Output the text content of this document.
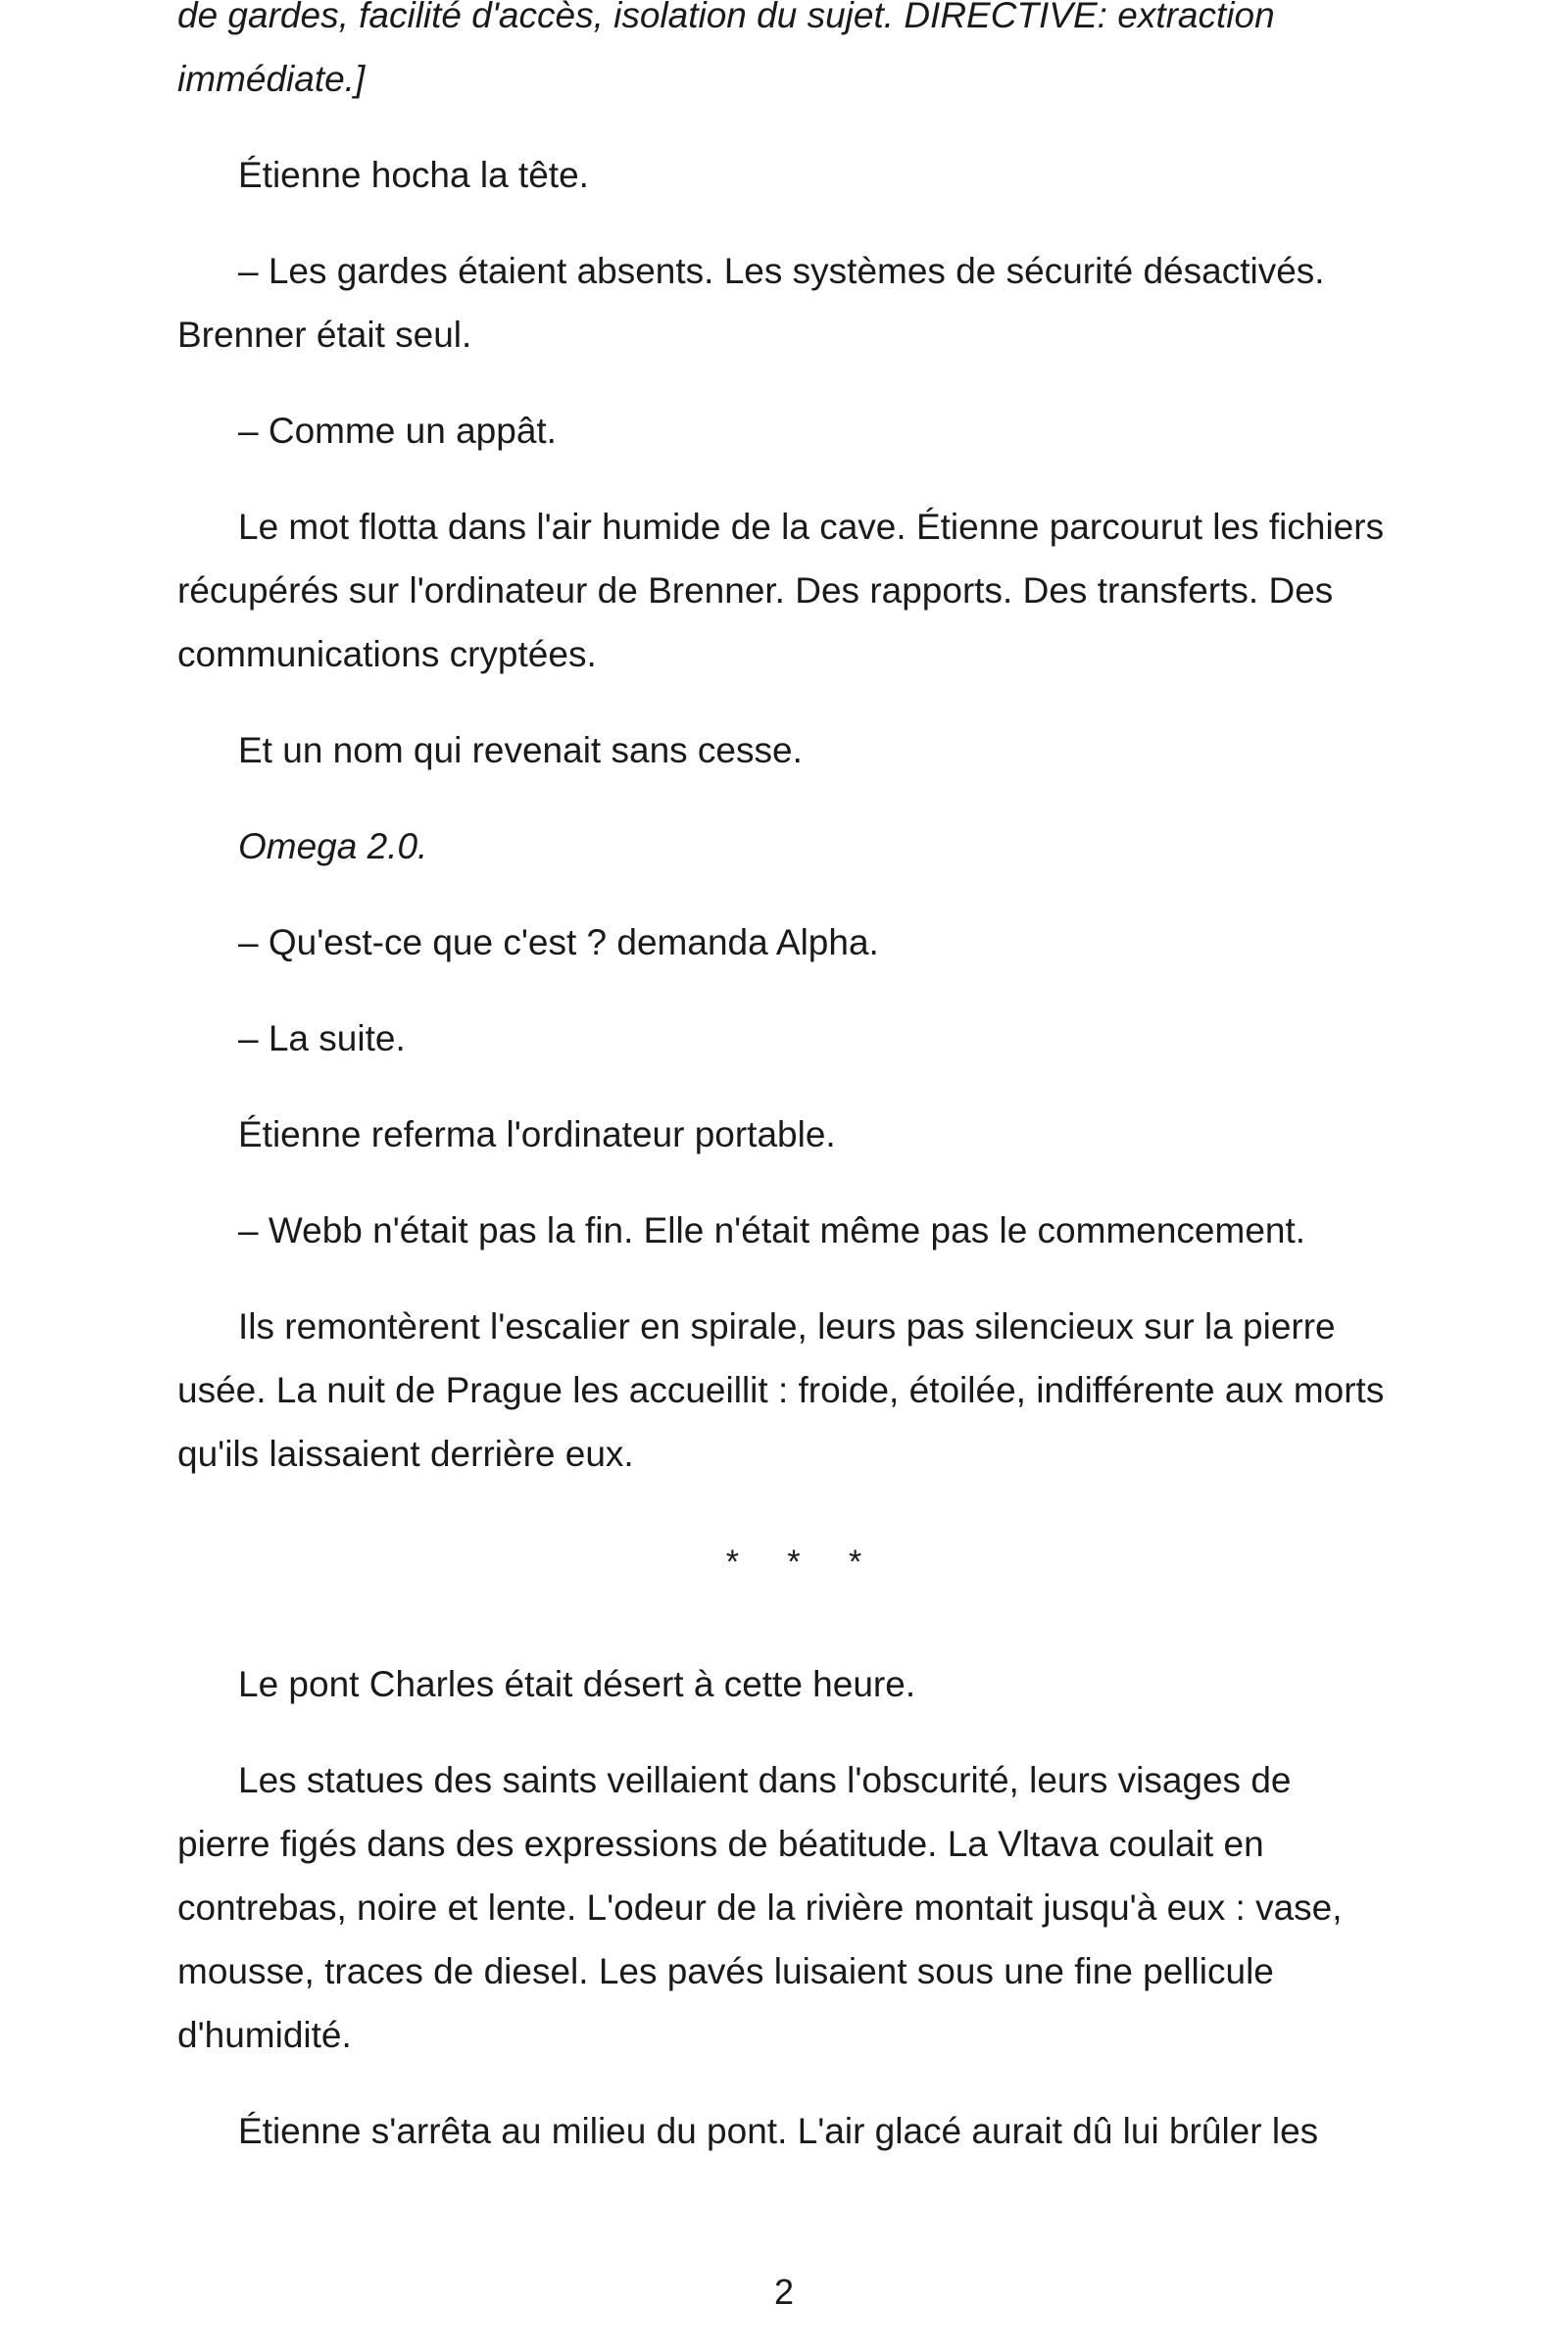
de gardes, facilité d'accès, isolation du sujet. DIRECTIVE: extraction immédiate.]

Étienne hocha la tête.

– Les gardes étaient absents. Les systèmes de sécurité désactivés. Brenner était seul.

– Comme un appât.

Le mot flotta dans l'air humide de la cave. Étienne parcourut les fichiers récupérés sur l'ordinateur de Brenner. Des rapports. Des transferts. Des communications cryptées.

Et un nom qui revenait sans cesse.

Omega 2.0.

– Qu'est-ce que c'est ? demanda Alpha.

– La suite.

Étienne referma l'ordinateur portable.

– Webb n'était pas la fin. Elle n'était même pas le commencement.

Ils remontèrent l'escalier en spirale, leurs pas silencieux sur la pierre usée. La nuit de Prague les accueillit : froide, étoilée, indifférente aux morts qu'ils laissaient derrière eux.

* * *

Le pont Charles était désert à cette heure.

Les statues des saints veillaient dans l'obscurité, leurs visages de pierre figés dans des expressions de béatitude. La Vltava coulait en contrebas, noire et lente. L'odeur de la rivière montait jusqu'à eux : vase, mousse, traces de diesel. Les pavés luisaient sous une fine pellicule d'humidité.

Étienne s'arrêta au milieu du pont. L'air glacé aurait dû lui brûler les

2
